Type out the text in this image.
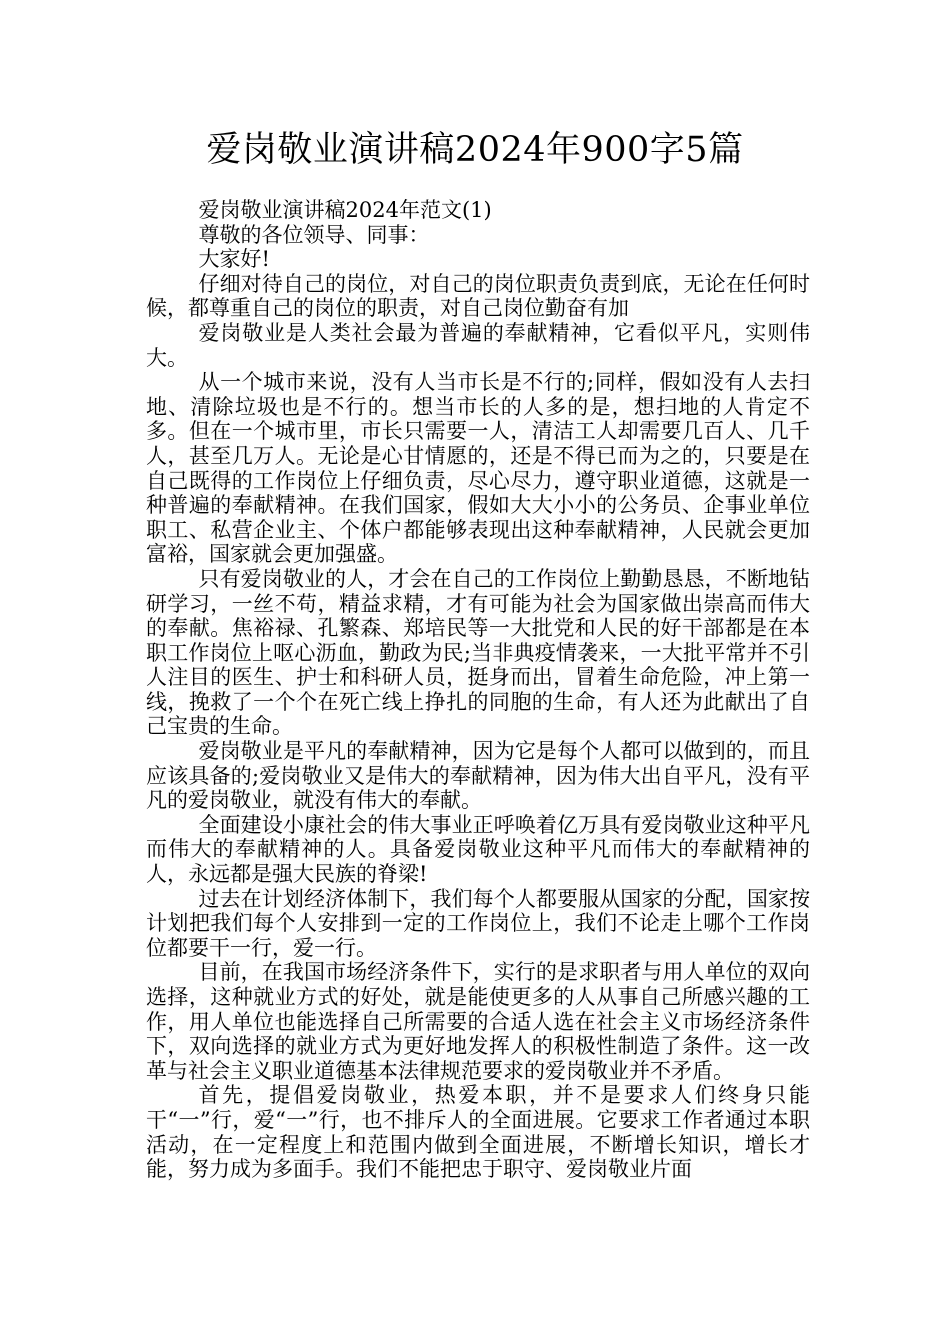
爱岗敬业演讲稿2024年900字5篇

爱岗敬业演讲稿2024年范文(1)

尊敬的各位领导、同事：

大家好!

仔细对待自己的岗位，对自己的岗位职责负责到底，无论在任何时候，都尊重自己的岗位的职责，对自己岗位勤奋有加

爱岗敬业是人类社会最为普遍的奉献精神，它看似平凡，实则伟大。

从一个城市来说，没有人当市长是不行的;同样，假如没有人去扫地、清除垃圾也是不行的。想当市长的人多的是，想扫地的人肯定不多。但在一个城市里，市长只需要一人，清洁工人却需要几百人、几千人，甚至几万人。无论是心甘情愿的，还是不得已而为之的，只要是在自己既得的工作岗位上仔细负责，尽心尽力，遵守职业道德，这就是一种普遍的奉献精神。在我们国家，假如大大小小的公务员、企事业单位职工、私营企业主、个体户都能够表现出这种奉献精神，人民就会更加富裕，国家就会更加强盛。

只有爱岗敬业的人，才会在自己的工作岗位上勤勤恳恳，不断地钻研学习，一丝不苟，精益求精，才有可能为社会为国家做出崇高而伟大的奉献。焦裕禄、孔繁森、郑培民等一大批党和人民的好干部都是在本职工作岗位上呕心沥血，勤政为民;当非典疫情袭来，一大批平常并不引人注目的医生、护士和科研人员，挺身而出，冒着生命危险，冲上第一线，挽救了一个个在死亡线上挣扎的同胞的生命，有人还为此献出了自己宝贵的生命。

爱岗敬业是平凡的奉献精神，因为它是每个人都可以做到的，而且应该具备的;爱岗敬业又是伟大的奉献精神，因为伟大出自平凡，没有平凡的爱岗敬业，就没有伟大的奉献。

全面建设小康社会的伟大事业正呼唤着亿万具有爱岗敬业这种平凡而伟大的奉献精神的人。具备爱岗敬业这种平凡而伟大的奉献精神的人，永远都是强大民族的脊梁!

过去在计划经济体制下，我们每个人都要服从国家的分配，国家按计划把我们每个人安排到一定的工作岗位上，我们不论走上哪个工作岗位都要干一行，爱一行。

目前，在我国市场经济条件下，实行的是求职者与用人单位的双向选择，这种就业方式的好处，就是能使更多的人从事自己所感兴趣的工作，用人单位也能选择自己所需要的合适人选在社会主义市场经济条件下，双向选择的就业方式为更好地发挥人的积极性制造了条件。这一改革与社会主义职业道德基本法律规范要求的爱岗敬业并不矛盾。

首先，提倡爱岗敬业，热爱本职，并不是要求人们终身只能干“一”行，爱“一”行，也不排斥人的全面进展。它要求工作者通过本职活动，在一定程度上和范围内做到全面进展，不断增长知识，增长才能，努力成为多面手。我们不能把忠于职守、爱岗敬业片面
